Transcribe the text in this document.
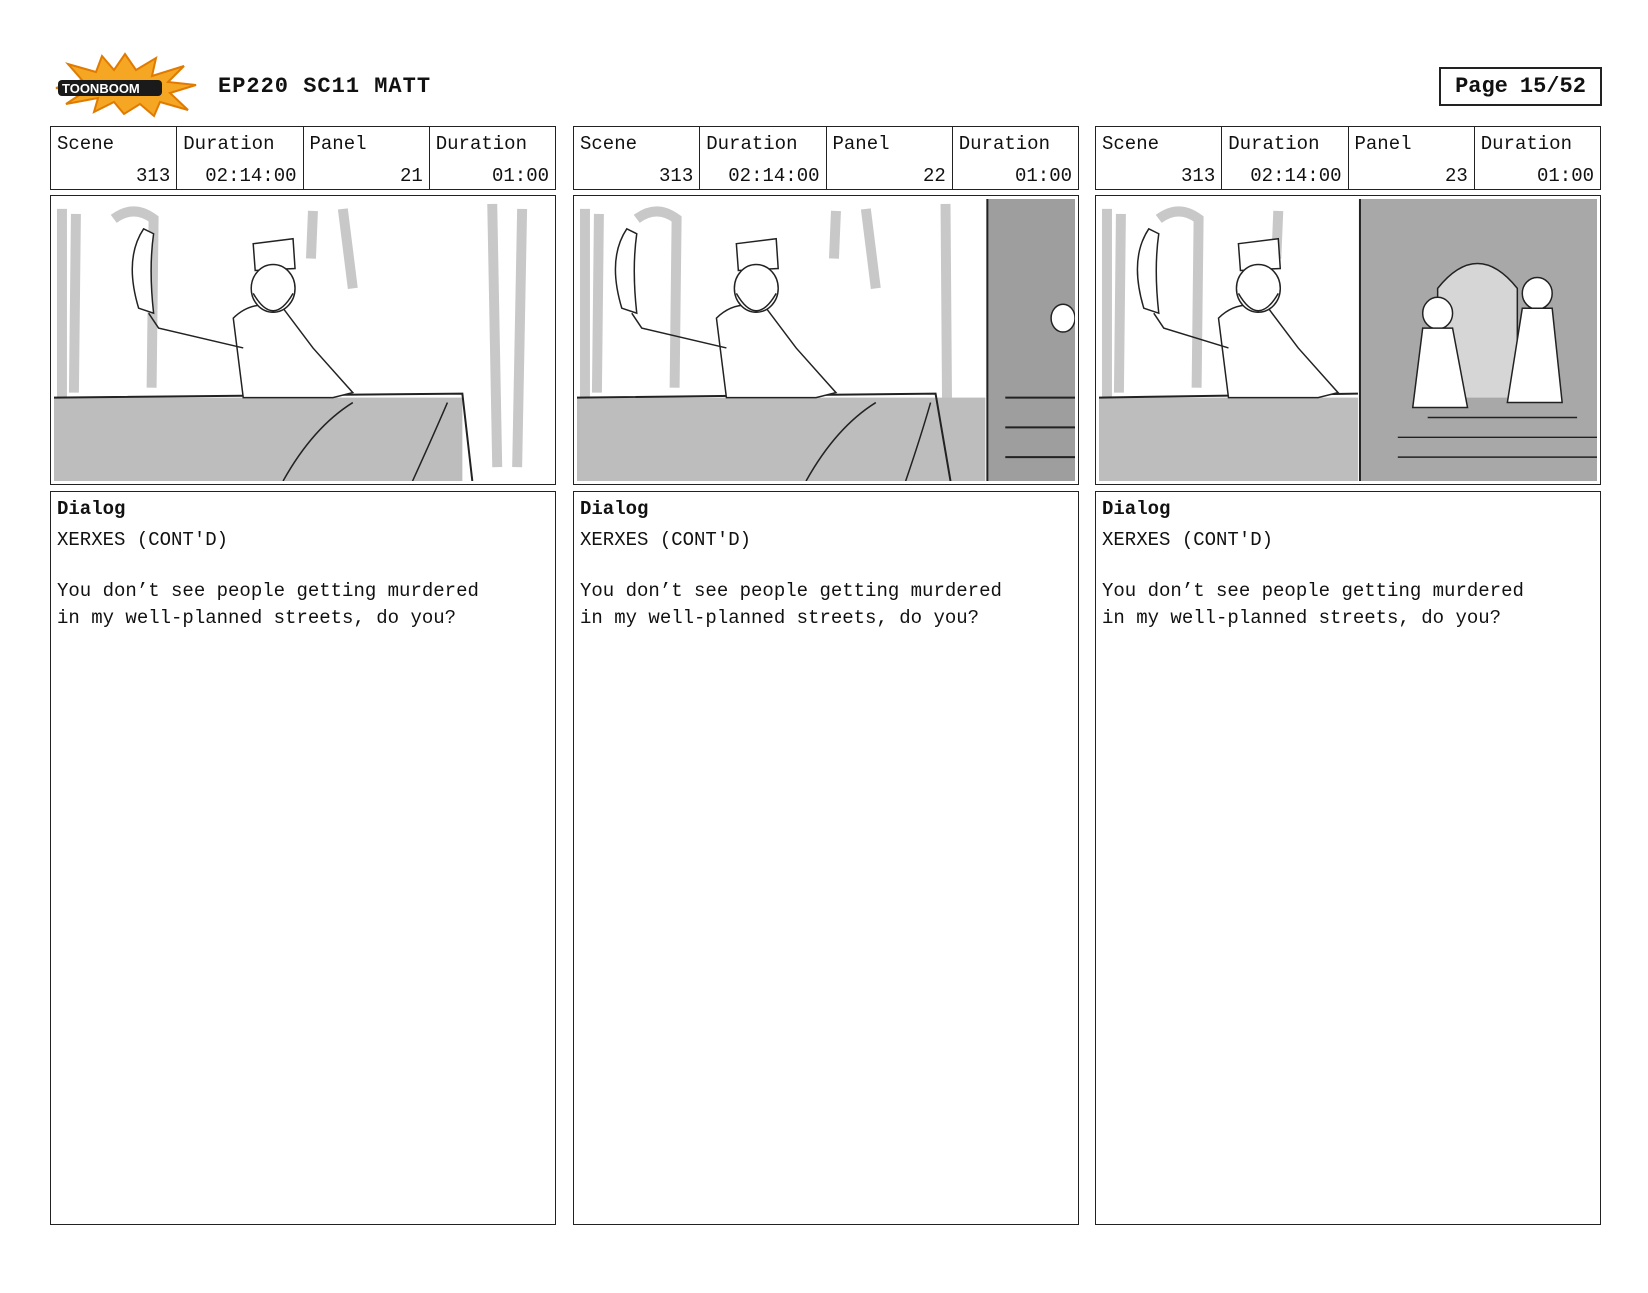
TOONBOOM	EP220 SC11 MATT	Page 15/52
Scene
313
Duration
02:14:00
Panel
21
Duration
01:00
Dialog
XERXES (CONT'D)
You don’t see people getting murdered
in my well-planned streets, do you?
Scene
313
Duration
02:14:00
Panel
22
Duration
01:00
Dialog
XERXES (CONT'D)
You don’t see people getting murdered
in my well-planned streets, do you?
Scene
313
Duration
02:14:00
Panel
23
Duration
01:00
Dialog
XERXES (CONT'D)
You don’t see people getting murdered
in my well-planned streets, do you?
